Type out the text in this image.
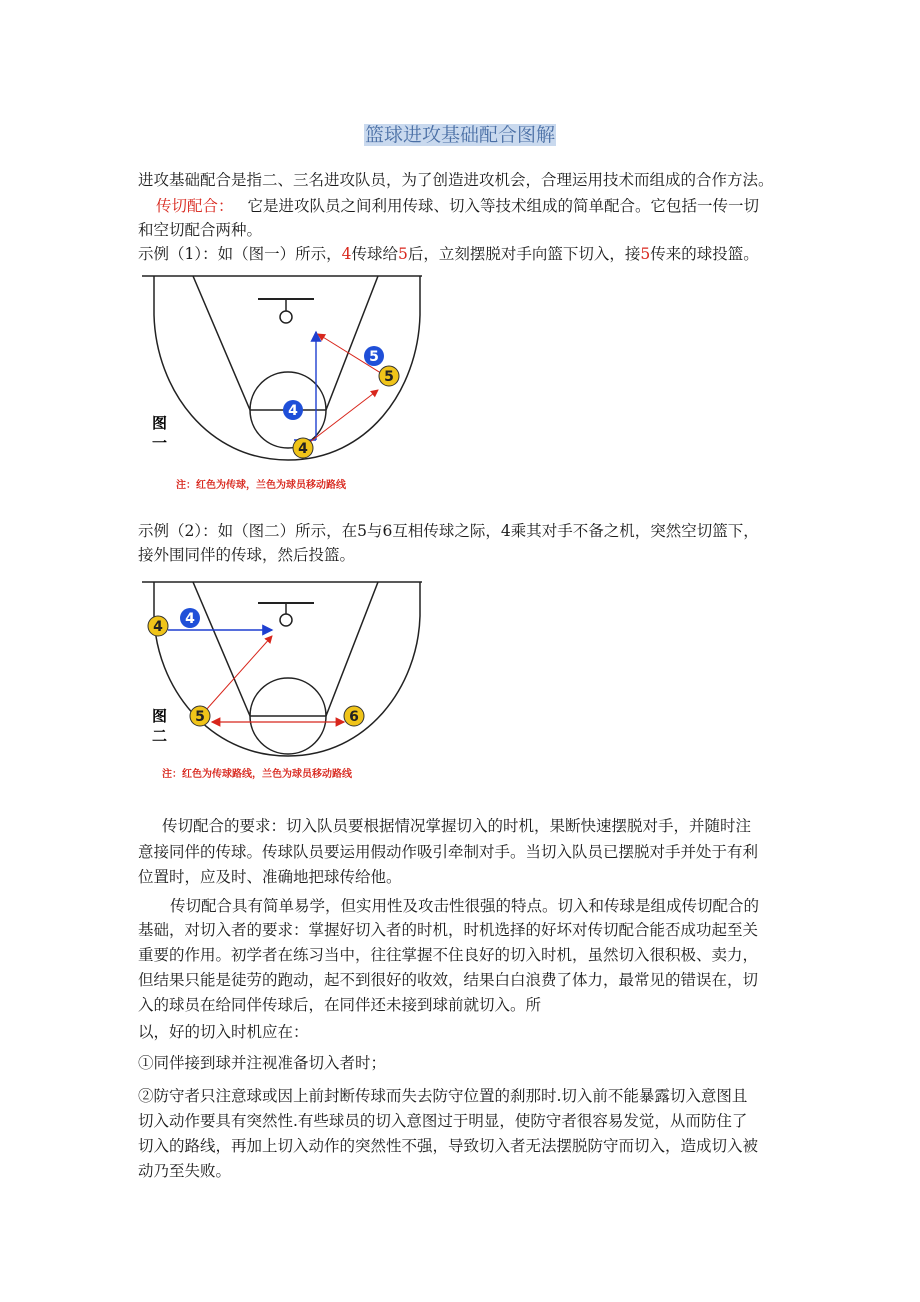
篮球进攻基础配合图解
进攻基础配合是指二、三名进攻队员，为了创造进攻机会，合理运用技术而组成的合作方法。
传切配合： 它是进攻队员之间利用传球、切入等技术组成的简单配合。它包括一传一切
和空切配合两种。
示例（1）：如（图一）所示，4传球给5后，立刻摆脱对手向篮下切入，接5传来的球投篮。
5
5
4
4
图
一
注：红色为传球，兰色为球员移动路线
示例（2）：如（图二）所示，在5与6互相传球之际，4乘其对手不备之机，突然空切篮下，
接外围同伴的传球，然后投篮。
4 4
5	6
图
二
注：红色为传球路线，兰色为球员移动路线
传切配合的要求：切入队员要根据情况掌握切入的时机，果断快速摆脱对手，并随时注
意接同伴的传球。传球队员要运用假动作吸引牵制对手。当切入队员已摆脱对手并处于有利
位置时，应及时、准确地把球传给他。
传切配合具有简单易学，但实用性及攻击性很强的特点。切入和传球是组成传切配合的
基础，对切入者的要求：掌握好切入者的时机，时机选择的好坏对传切配合能否成功起至关
重要的作用。初学者在练习当中，往往掌握不住良好的切入时机，虽然切入很积极、卖力，
但结果只能是徒劳的跑动，起不到很好的收效，结果白白浪费了体力，最常见的错误在，切
入的球员在给同伴传球后，在同伴还未接到球前就切入。所
以，好的切入时机应在：
①同伴接到球并注视准备切入者时；
②防守者只注意球或因上前封断传球而失去防守位置的刹那时.切入前不能暴露切入意图且
切入动作要具有突然性.有些球员的切入意图过于明显，使防守者很容易发觉，从而防住了
切入的路线，再加上切入动作的突然性不强，导致切入者无法摆脱防守而切入，造成切入被
动乃至失败。
